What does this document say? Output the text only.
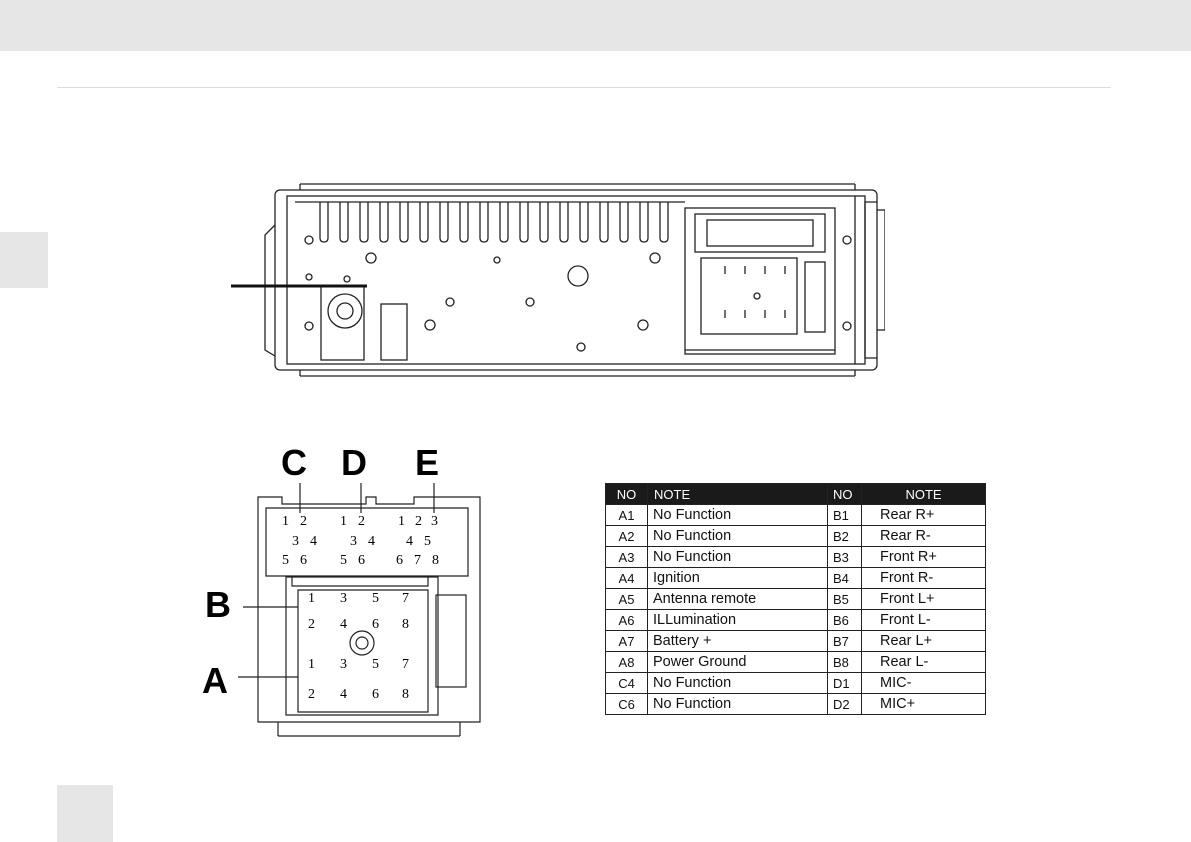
C D E
B
A
1 2 1 2 1 2 3
3 4 3 4 4 5
5 6 5 6 6 7 8
1 3 5 7
2 4 6 8
1 3 5 7
2 4 6 8
NO	NOTE	NO	NOTE
A1	No Function	B1	Rear R+
A2	No Function	B2	Rear R-
A3	No Function	B3	Front R+
A4	Ignition	B4	Front R-
A5	Antenna remote	B5	Front L+
A6	ILLumination	B6	Front L-
A7	Battery +	B7	Rear L+
A8	Power Ground	B8	Rear L-
C4	No Function	D1	MIC-
C6	No Function	D2	MIC+
